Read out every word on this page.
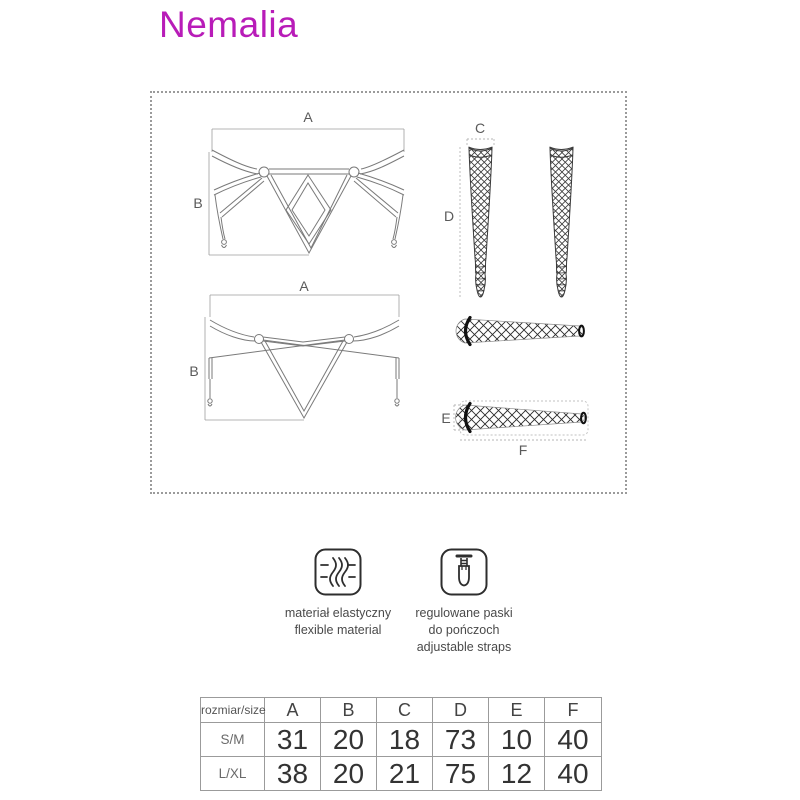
Nemalia
A
B
A
B
C
D
E
F
materiał elastyczny
flexible material
regulowane paski
do pończoch
adjustable straps
rozmiar/size	A	B	C	D	E	F
S/M	31	20	18	73	10	40
L/XL	38	20	21	75	12	40
